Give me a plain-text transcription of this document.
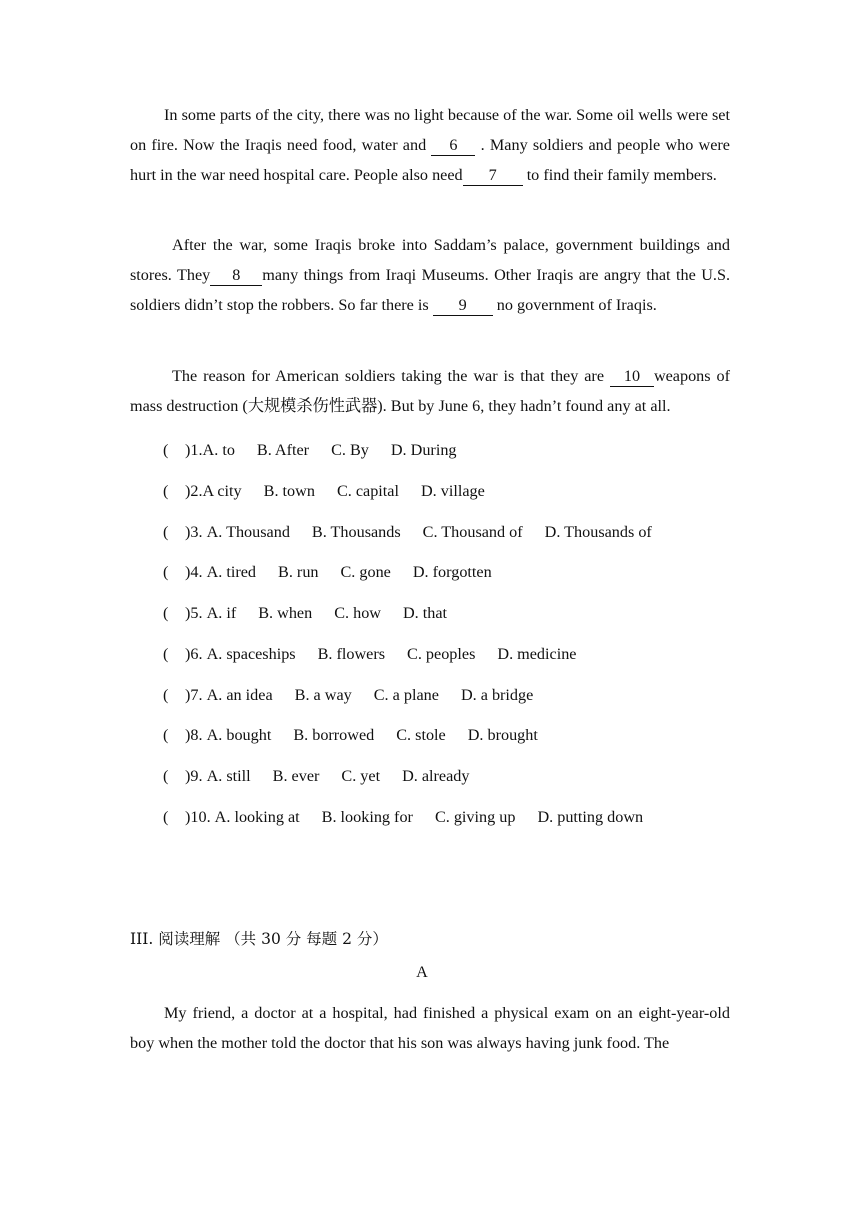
In some parts of the city, there was no light because of the war. Some oil wells were set on fire. Now the Iraqis need food, water and 6 . Many soldiers and people who were hurt in the war need hospital care. People also need 7 to find their family members.

After the war, some Iraqis broke into Saddam’s palace, government buildings and stores. They 8 many things from Iraqi Museums. Other Iraqis are angry that the U.S. soldiers didn’t stop the robbers. So far there is 9 no government of Iraqis.

The reason for American soldiers taking the war is that they are 10 weapons of mass destruction (大规模杀伤性武器). But by June 6, they hadn’t found any at all.

( )1.A. to B. After C. By D. During
( )2.A city B. town C. capital D. village
( )3. A. Thousand B. Thousands C. Thousand of D. Thousands of
( )4. A. tired B. run C. gone D. forgotten
( )5. A. if B. when C. how D. that
( )6. A. spaceships B. flowers C. peoples D. medicine
( )7. A. an idea B. a way C. a plane D. a bridge
( )8. A. bought B. borrowed C. stole D. brought
( )9. A. still B. ever C. yet D. already
( )10. A. looking at B. looking for C. giving up D. putting down
III. 阅读理解 （共 30 分 每题 2 分）
A

My friend, a doctor at a hospital, had finished a physical exam on an eight-year-old boy when the mother told the doctor that his son was always having junk food. The
